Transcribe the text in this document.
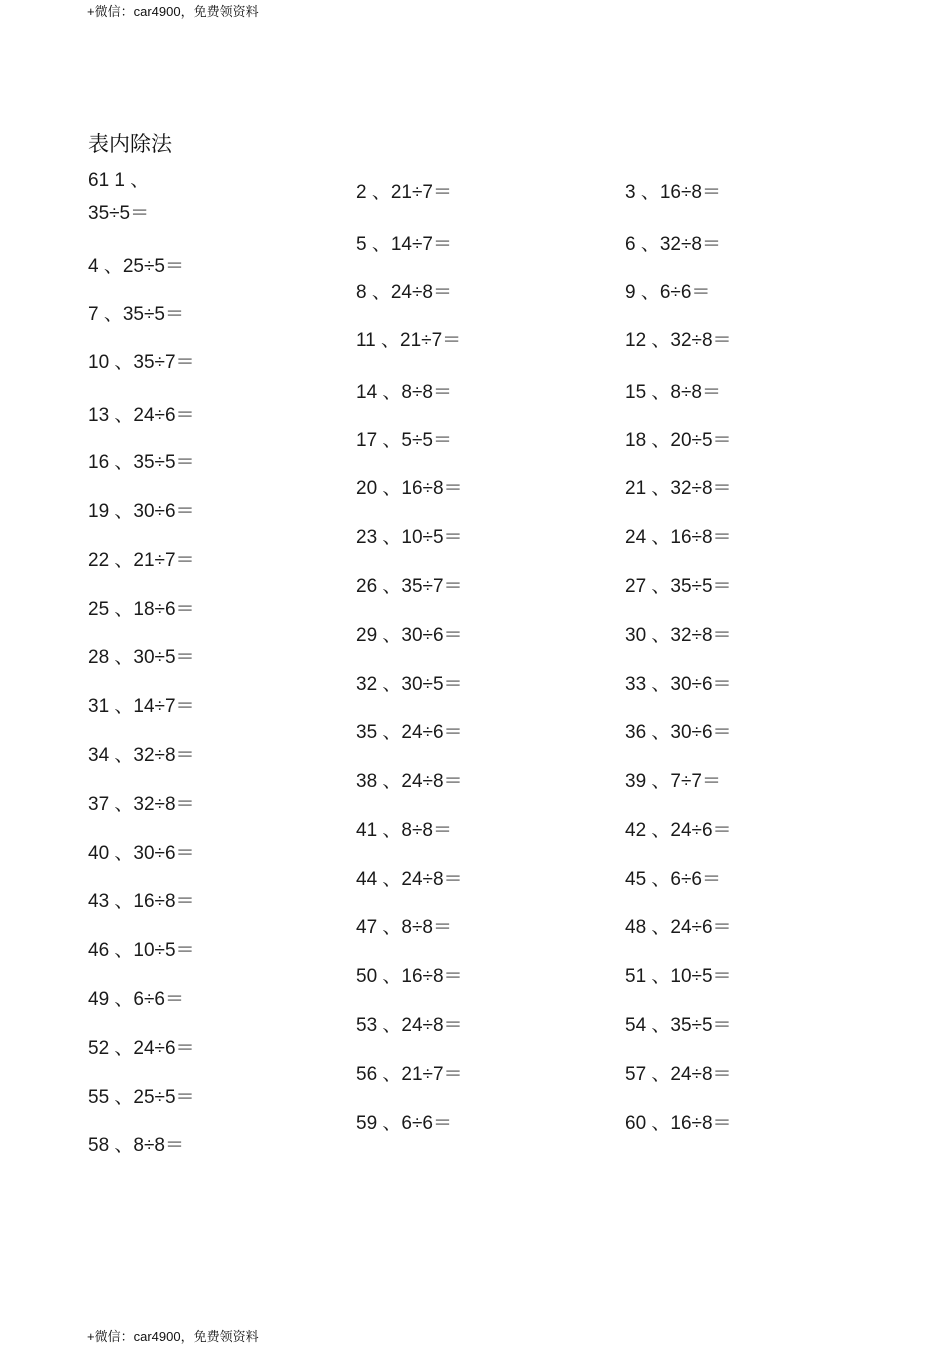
+微信：car4900，免费领资料
表内除法
61 1 、
35÷5＝
4 、25÷5＝
7 、35÷5＝
10 、35÷7＝
13 、24÷6＝
16 、35÷5＝
19 、30÷6＝
22 、21÷7＝
25 、18÷6＝
28 、30÷5＝
31 、14÷7＝
34 、32÷8＝
37 、32÷8＝
40 、30÷6＝
43 、16÷8＝
46 、10÷5＝
49 、6÷6＝
52 、24÷6＝
55 、25÷5＝
58 、8÷8＝
2 、21÷7＝
5 、14÷7＝
8 、24÷8＝
11 、21÷7＝
14 、8÷8＝
17 、5÷5＝
20 、16÷8＝
23 、10÷5＝
26 、35÷7＝
29 、30÷6＝
32 、30÷5＝
35 、24÷6＝
38 、24÷8＝
41 、8÷8＝
44 、24÷8＝
47 、8÷8＝
50 、16÷8＝
53 、24÷8＝
56 、21÷7＝
59 、6÷6＝
3 、16÷8＝
6 、32÷8＝
9 、6÷6＝
12 、32÷8＝
15 、8÷8＝
18 、20÷5＝
21 、32÷8＝
24 、16÷8＝
27 、35÷5＝
30 、32÷8＝
33 、30÷6＝
36 、30÷6＝
39 、7÷7＝
42 、24÷6＝
45 、6÷6＝
48 、24÷6＝
51 、10÷5＝
54 、35÷5＝
57 、24÷8＝
60 、16÷8＝
+微信：car4900，免费领资料
